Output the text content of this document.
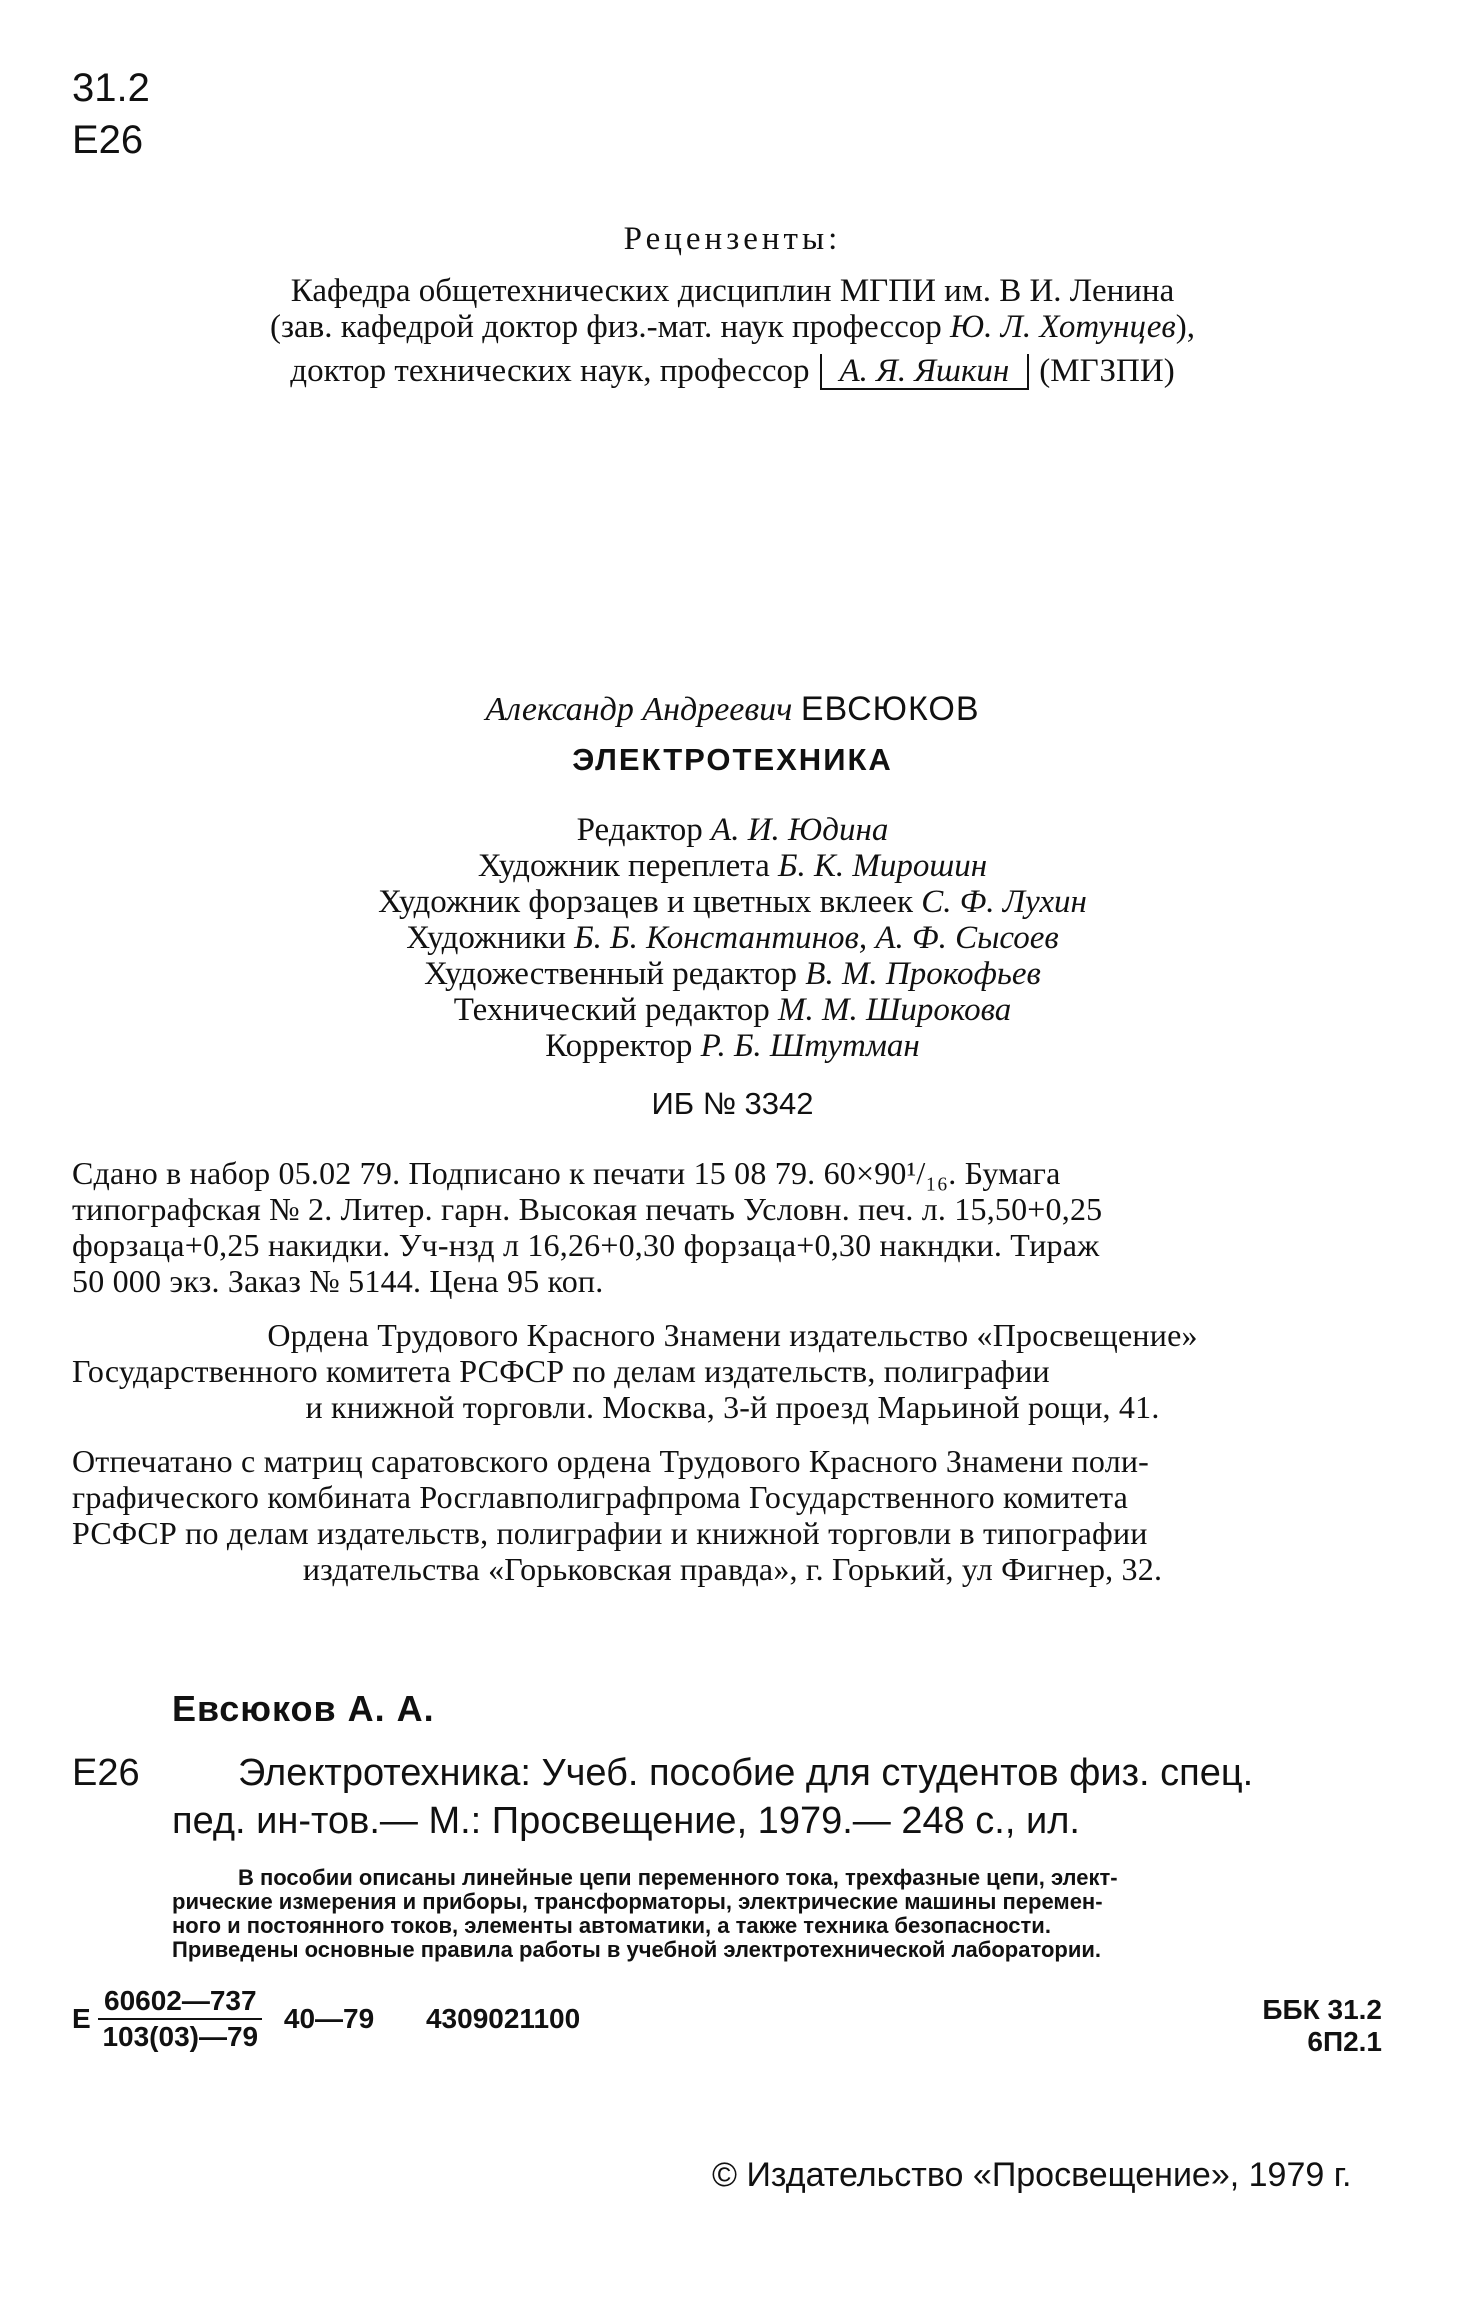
31.2
E26
Рецензенты:
Кафедра общетехнических дисциплин МГПИ им. В И. Ленина
(зав. кафедрой доктор физ.-мат. наук профессор Ю. Л. Хотунцев),
доктор технических наук, профессор А. Я. Яшкин (МГЗПИ)
Александр Андреевич ЕВСЮКОВ
ЭЛЕКТРОТЕХНИКА
Редактор А. И. Юдина
Художник переплета Б. К. Мирошин
Художник форзацев и цветных вклеек С. Ф. Лухин
Художники Б. Б. Константинов, А. Ф. Сысоев
Художественный редактор В. М. Прокофьев
Технический редактор М. М. Широкова
Корректор Р. Б. Штутман
ИБ № 3342
Сдано в набор 05.02 79. Подписано к печати 15 08 79. 60×90¹/₁₆. Бумага
типографская № 2. Литер. гарн. Высокая печать Условн. печ. л. 15,50+0,25
форзаца+0,25 накидки. Уч-нзд л 16,26+0,30 форзаца+0,30 накндки. Тираж
50 000 экз. Заказ № 5144. Цена 95 коп.
Ордена Трудового Красного Знамени издательство «Просвещение»
Государственного комитета РСФСР по делам издательств, полиграфии
и книжной торговли. Москва, 3-й проезд Марьиной рощи, 41.
Отпечатано с матриц саратовского ордена Трудового Красного Знамени поли-
графического комбината Росглавполиграфпрома Государственного комитета
РСФСР по делам издательств, полиграфии и книжной торговли в типографии
издательства «Горьковская правда», г. Горький, ул Фигнер, 32.
Евсюков А. А.
Е26	Электротехника: Учеб. пособие для студентов физ. спец.
пед. ин-тов.— М.: Просвещение, 1979.— 248 с., ил.
В пособии описаны линейные цепи переменного тока, трехфазные цепи, элект-
рические измерения и приборы, трансформаторы, электрические машины перемен-
ного и постоянного токов, элементы автоматики, а также техника безопасности.
Приведены основные правила работы в учебной электротехнической лаборатории.
Е $\frac{60602—737}{103(03)—79}$ 40—79 4309021100	ББК 31.2
6П2.1
© Издательство «Просвещение», 1979 г.
